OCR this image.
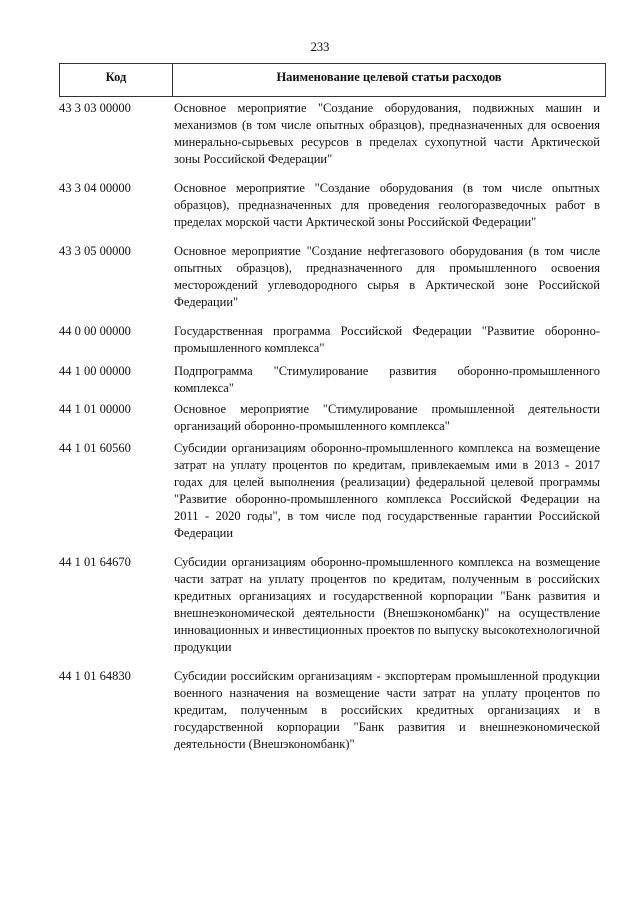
233
Код	Наименование целевой статьи расходов
43 3 03 00000	Основное мероприятие "Создание оборудования, подвижных машин и механизмов (в том числе опытных образцов), предназначенных для освоения минерально-сырьевых ресурсов в пределах сухопутной части Арктической зоны Российской Федерации"
43 3 04 00000	Основное мероприятие "Создание оборудования (в том числе опытных образцов), предназначенных для проведения геологоразведочных работ в пределах морской части Арктической зоны Российской Федерации"
43 3 05 00000	Основное мероприятие "Создание нефтегазового оборудования (в том числе опытных образцов), предназначенного для промышленного освоения месторождений углеводородного сырья в Арктической зоне Российской Федерации"
44 0 00 00000	Государственная программа Российской Федерации "Развитие оборонно-промышленного комплекса"
44 1 00 00000	Подпрограмма "Стимулирование развития оборонно-промышленного комплекса"
44 1 01 00000	Основное мероприятие "Стимулирование промышленной деятельности организаций оборонно-промышленного комплекса"
44 1 01 60560	Субсидии организациям оборонно-промышленного комплекса на возмещение затрат на уплату процентов по кредитам, привлекаемым ими в 2013 - 2017 годах для целей выполнения (реализации) федеральной целевой программы "Развитие оборонно-промышленного комплекса Российской Федерации на 2011 - 2020 годы", в том числе под государственные гарантии Российской Федерации
44 1 01 64670	Субсидии организациям оборонно-промышленного комплекса на возмещение части затрат на уплату процентов по кредитам, полученным в российских кредитных организациях и государственной корпорации "Банк развития и внешнеэкономической деятельности (Внешэкономбанк)" на осуществление инновационных и инвестиционных проектов по выпуску высокотехнологичной продукции
44 1 01 64830	Субсидии российским организациям - экспортерам промышленной продукции военного назначения на возмещение части затрат на уплату процентов по кредитам, полученным в российских кредитных организациях и в государственной корпорации "Банк развития и внешнеэкономической деятельности (Внешэкономбанк)"
